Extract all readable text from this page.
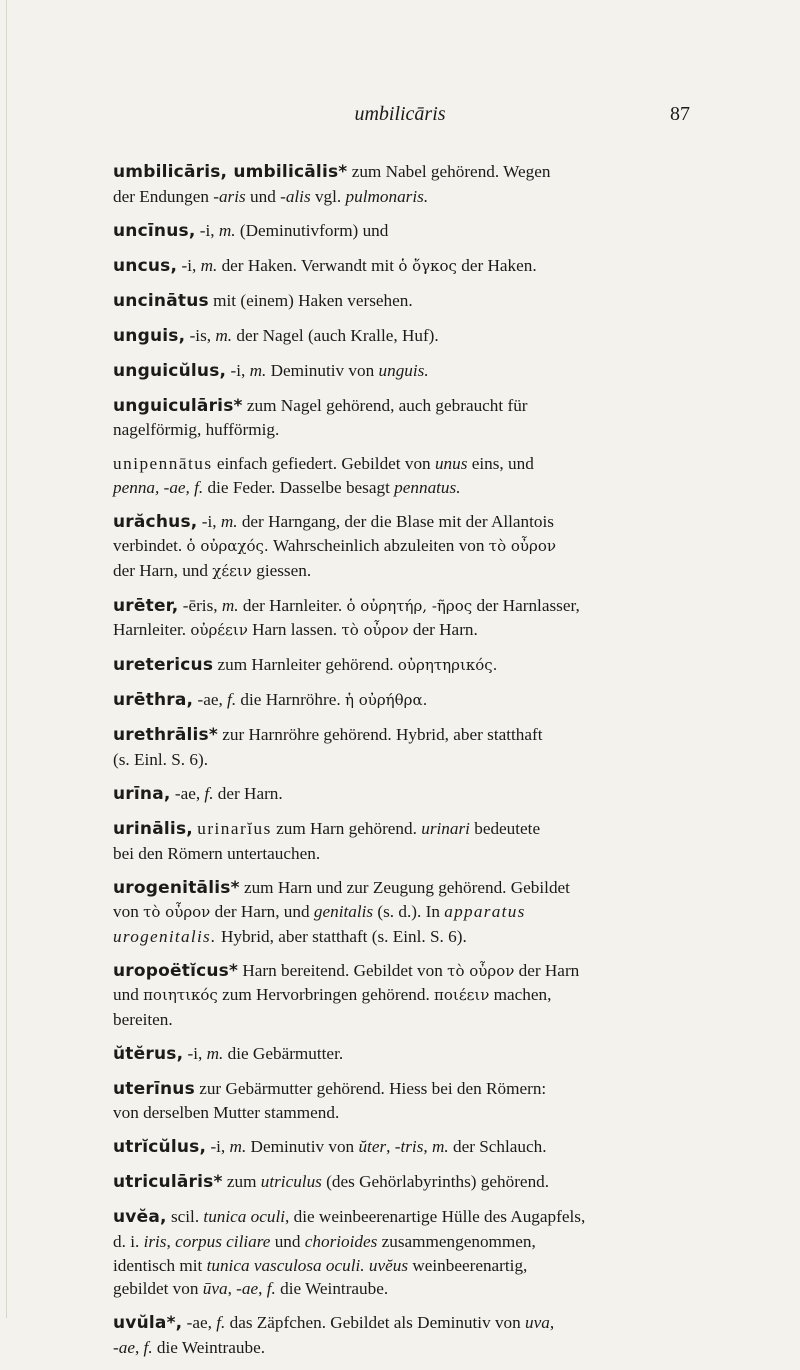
umbilicāris	87
umbilicāris, umbilicālis* zum Nabel gehörend. Wegen
der Endungen -aris und -alis vgl. pulmonaris.
uncīnus, -i, m. (Deminutivform) und
uncus, -i, m. der Haken. Verwandt mit ὁ ὄγκος der Haken.
uncinātus mit (einem) Haken versehen.
unguis, -is, m. der Nagel (auch Kralle, Huf).
unguicŭlus, -i, m. Deminutiv von unguis.
unguiculāris* zum Nagel gehörend, auch gebraucht für
nagelförmig, hufförmig.
unipennātus einfach gefiedert. Gebildet von unus eins, und
penna, -ae, f. die Feder. Dasselbe besagt pennatus.
urăchus, -i, m. der Harngang, der die Blase mit der Allantois
verbindet. ὁ οὐραχός. Wahrscheinlich abzuleiten von τὸ οὖρον
der Harn, und χέειν giessen.
urēter, -ēris, m. der Harnleiter. ὁ οὐρητήρ, -ῆρος der Harnlasser,
Harnleiter. οὐρέειν Harn lassen. τὸ οὖρον der Harn.
uretericus zum Harnleiter gehörend. οὐρητηρικός.
urēthra, -ae, f. die Harnröhre. ἡ οὐρήθρα.
urethrālis* zur Harnröhre gehörend. Hybrid, aber statthaft
(s. Einl. S. 6).
urīna, -ae, f. der Harn.
urinālis, urinarĭus zum Harn gehörend. urinari bedeutete
bei den Römern untertauchen.
urogenitālis* zum Harn und zur Zeugung gehörend. Gebildet
von τὸ οὖρον der Harn, und genitalis (s. d.). In apparatus
urogenitalis. Hybrid, aber statthaft (s. Einl. S. 6).
uropoëtĭcus* Harn bereitend. Gebildet von τὸ οὖρον der Harn
und ποιητικός zum Hervorbringen gehörend. ποιέειν machen,
bereiten.
ŭtĕrus, -i, m. die Gebärmutter.
uterīnus zur Gebärmutter gehörend. Hiess bei den Römern:
von derselben Mutter stammend.
utrĭcŭlus, -i, m. Deminutiv von ŭter, -tris, m. der Schlauch.
utriculāris* zum utriculus (des Gehörlabyrinths) gehörend.
uvĕa, scil. tunica oculi, die weinbeerenartige Hülle des Augapfels,
d. i. iris, corpus ciliare und chorioides zusammengenommen,
identisch mit tunica vasculosa oculi. uvĕus weinbeerenartig,
gebildet von ūva, -ae, f. die Weintraube.
uvŭla*, -ae, f. das Zäpfchen. Gebildet als Deminutiv von uva,
-ae, f. die Weintraube.
